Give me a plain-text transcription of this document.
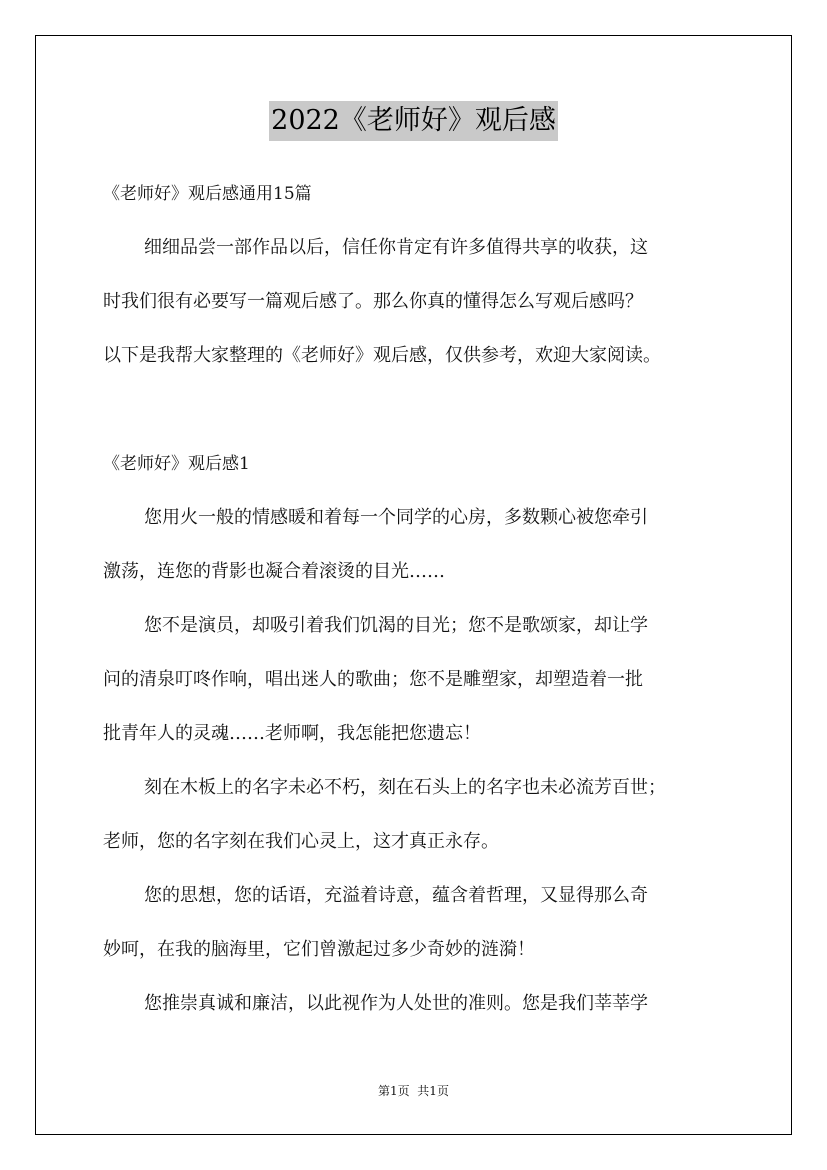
2022《老师好》观后感
《老师好》观后感通用15篇
细细品尝一部作品以后，信任你肯定有许多值得共享的收获，这
时我们很有必要写一篇观后感了。那么你真的懂得怎么写观后感吗？
以下是我帮大家整理的《老师好》观后感，仅供参考，欢迎大家阅读。
《老师好》观后感1
您用火一般的情感暖和着每一个同学的心房，多数颗心被您牵引
激荡，连您的背影也凝合着滚烫的目光……
您不是演员，却吸引着我们饥渴的目光；您不是歌颂家，却让学
问的清泉叮咚作响，唱出迷人的歌曲；您不是雕塑家，却塑造着一批
批青年人的灵魂……老师啊，我怎能把您遗忘！
刻在木板上的名字未必不朽，刻在石头上的名字也未必流芳百世；
老师，您的名字刻在我们心灵上，这才真正永存。
您的思想，您的话语，充溢着诗意，蕴含着哲理，又显得那么奇
妙呵，在我的脑海里，它们曾激起过多少奇妙的涟漪！
您推崇真诚和廉洁，以此视作为人处世的准则。您是我们莘莘学
第1页  共1页
